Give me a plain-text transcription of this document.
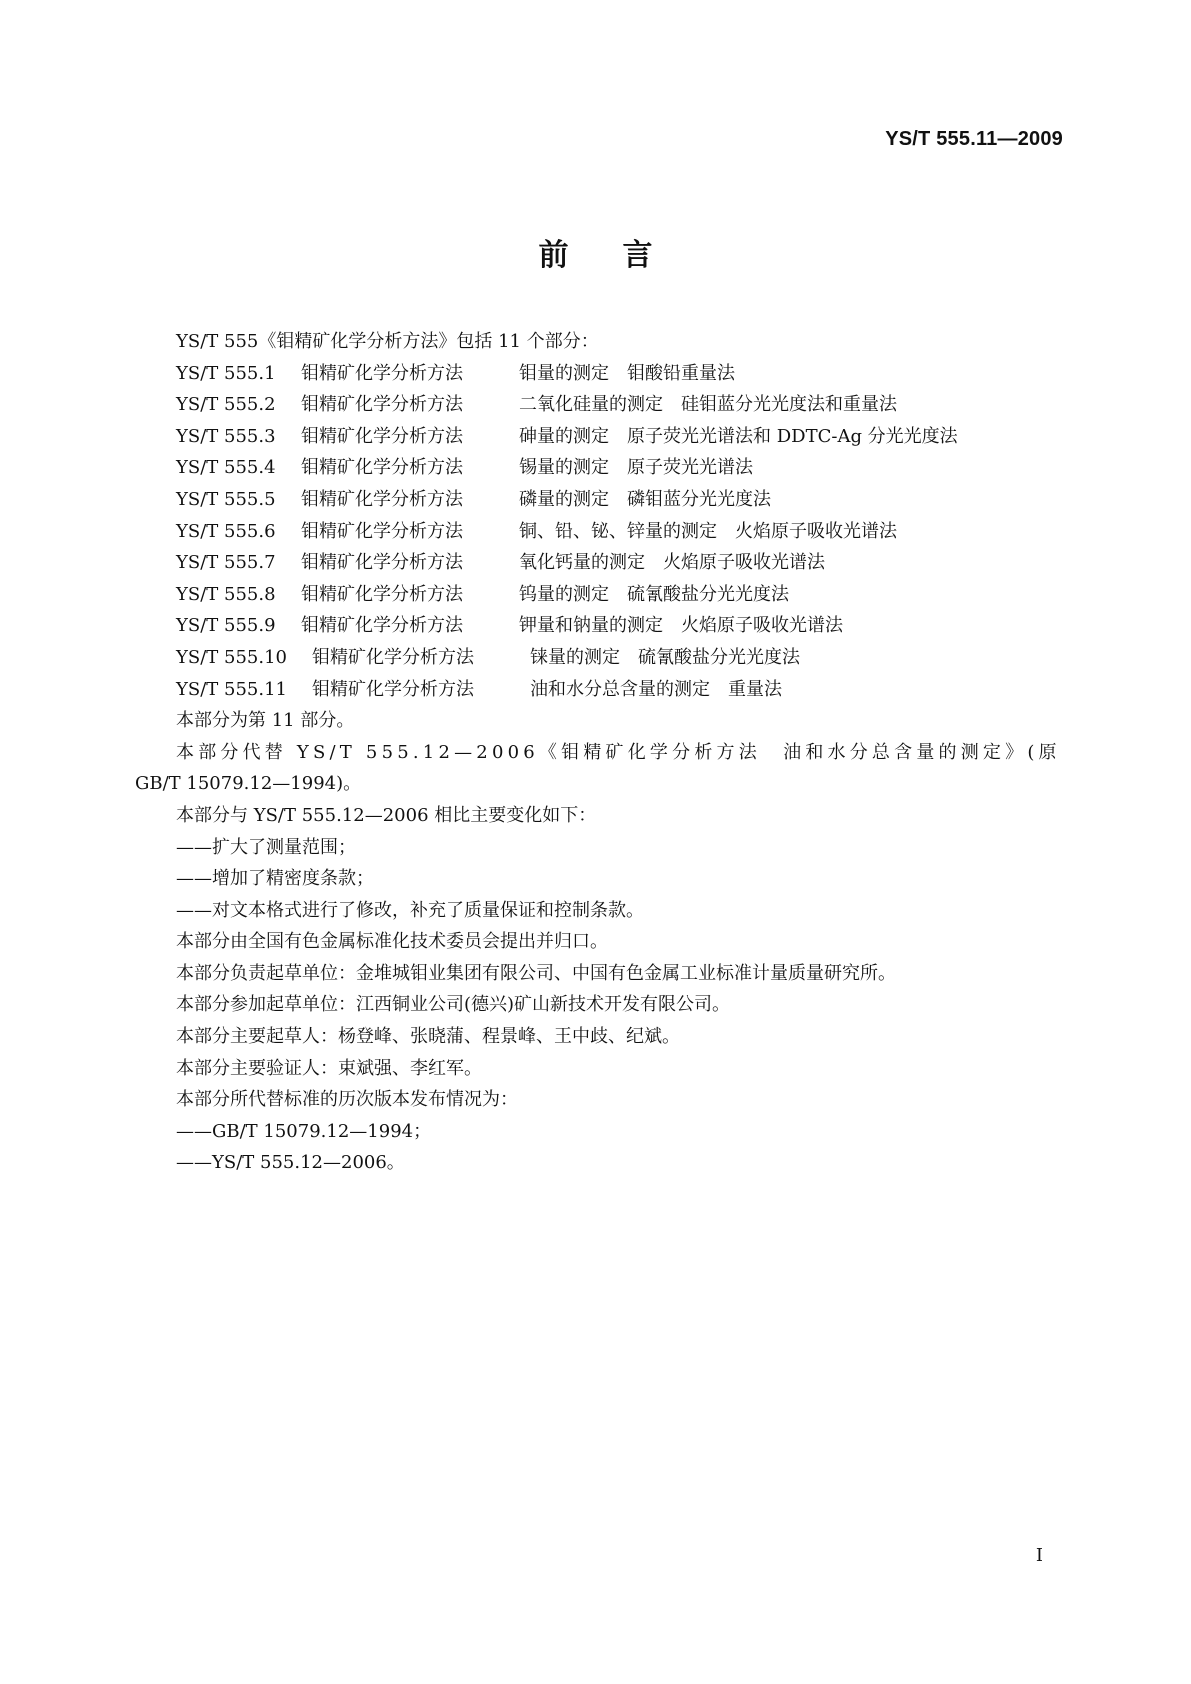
YS/T 555.11—2009
前言
YS/T 555《钼精矿化学分析方法》包括 11 个部分：
YS/T 555.1 钼精矿化学分析方法	钼量的测定　钼酸铅重量法
YS/T 555.2 钼精矿化学分析方法	二氧化硅量的测定　硅钼蓝分光光度法和重量法
YS/T 555.3 钼精矿化学分析方法	砷量的测定　原子荧光光谱法和 DDTC-Ag 分光光度法
YS/T 555.4 钼精矿化学分析方法	锡量的测定　原子荧光光谱法
YS/T 555.5 钼精矿化学分析方法	磷量的测定　磷钼蓝分光光度法
YS/T 555.6 钼精矿化学分析方法	铜、铅、铋、锌量的测定　火焰原子吸收光谱法
YS/T 555.7 钼精矿化学分析方法	氧化钙量的测定　火焰原子吸收光谱法
YS/T 555.8 钼精矿化学分析方法	钨量的测定　硫氰酸盐分光光度法
YS/T 555.9 钼精矿化学分析方法	钾量和钠量的测定　火焰原子吸收光谱法
YS/T 555.10 钼精矿化学分析方法	铼量的测定　硫氰酸盐分光光度法
YS/T 555.11 钼精矿化学分析方法	油和水分总含量的测定　重量法
本部分为第 11 部分。
本部分代替 YS/T 555.12—2006《钼精矿化学分析方法　油和水分总含量的测定》(原
GB/T 15079.12—1994)。
本部分与 YS/T 555.12—2006 相比主要变化如下：
——扩大了测量范围；
——增加了精密度条款；
——对文本格式进行了修改，补充了质量保证和控制条款。
本部分由全国有色金属标准化技术委员会提出并归口。
本部分负责起草单位：金堆城钼业集团有限公司、中国有色金属工业标准计量质量研究所。
本部分参加起草单位：江西铜业公司(德兴)矿山新技术开发有限公司。
本部分主要起草人：杨登峰、张晓蒲、程景峰、王中歧、纪斌。
本部分主要验证人：束斌强、李红军。
本部分所代替标准的历次版本发布情况为：
——GB/T 15079.12—1994；
——YS/T 555.12—2006。
I
